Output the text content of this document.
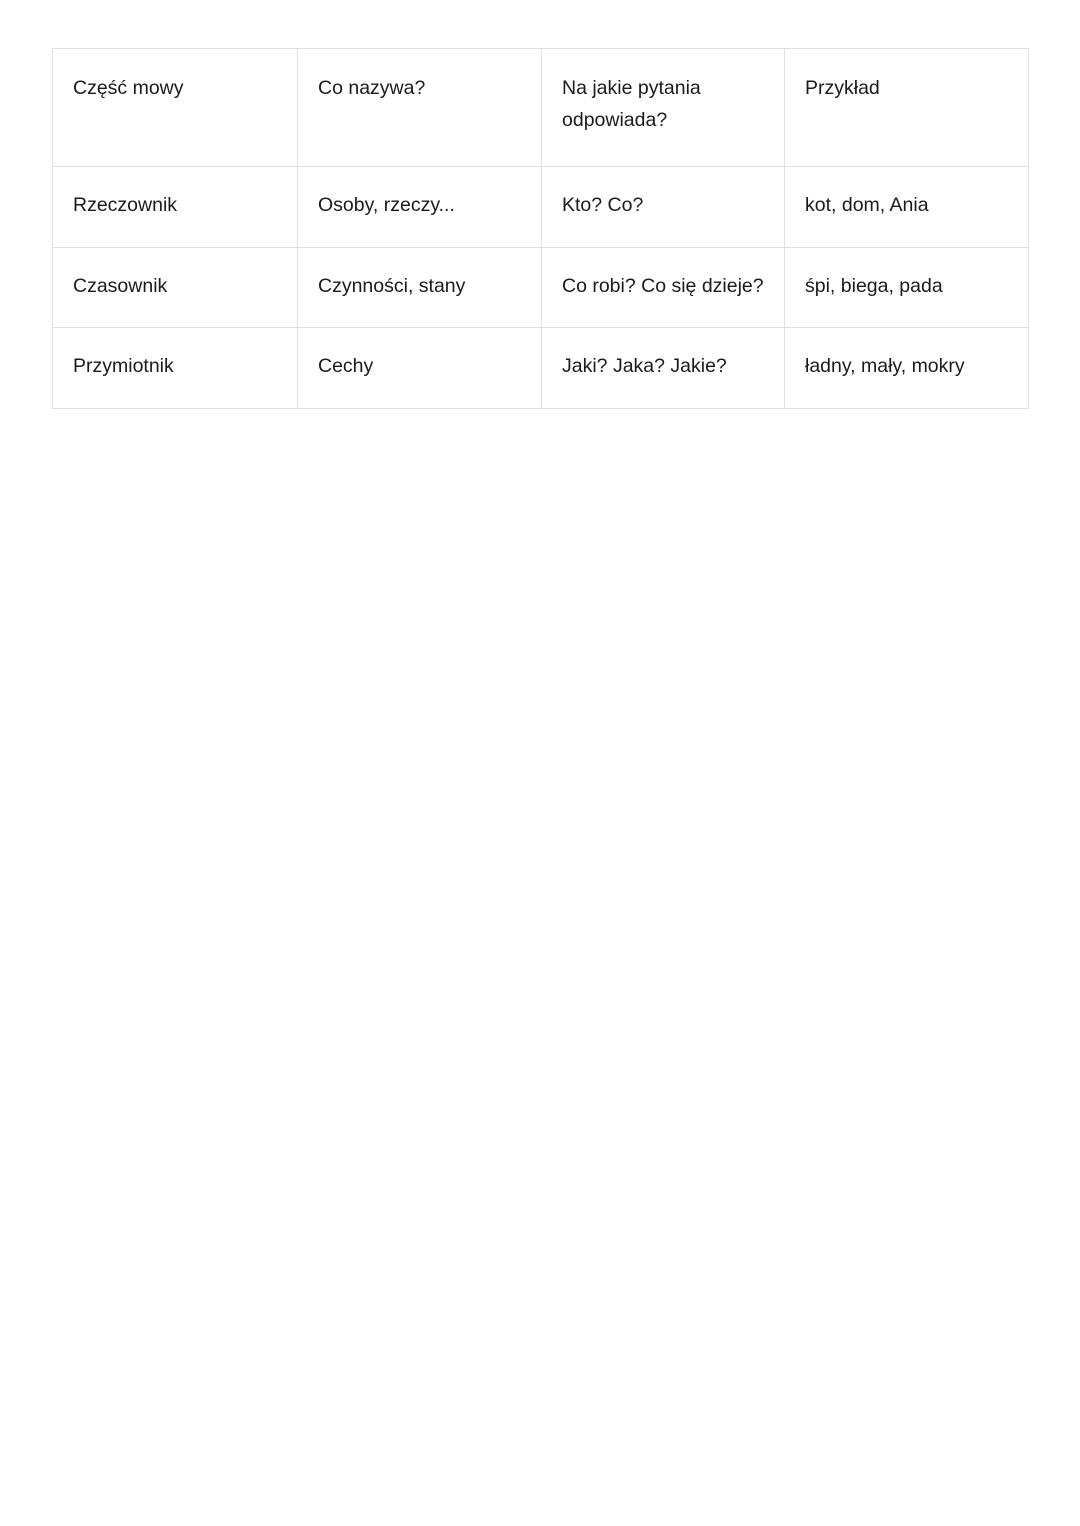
Część mowy	Co nazywa?	Na jakie pytania odpowiada?	Przykład

Rzeczownik	Osoby, rzeczy...	Kto? Co?	kot, dom, Ania

Czasownik	Czynności, stany	Co robi? Co się dzieje?	śpi, biega, pada

Przymiotnik	Cechy	Jaki? Jaka? Jakie?	ładny, mały, mokry
